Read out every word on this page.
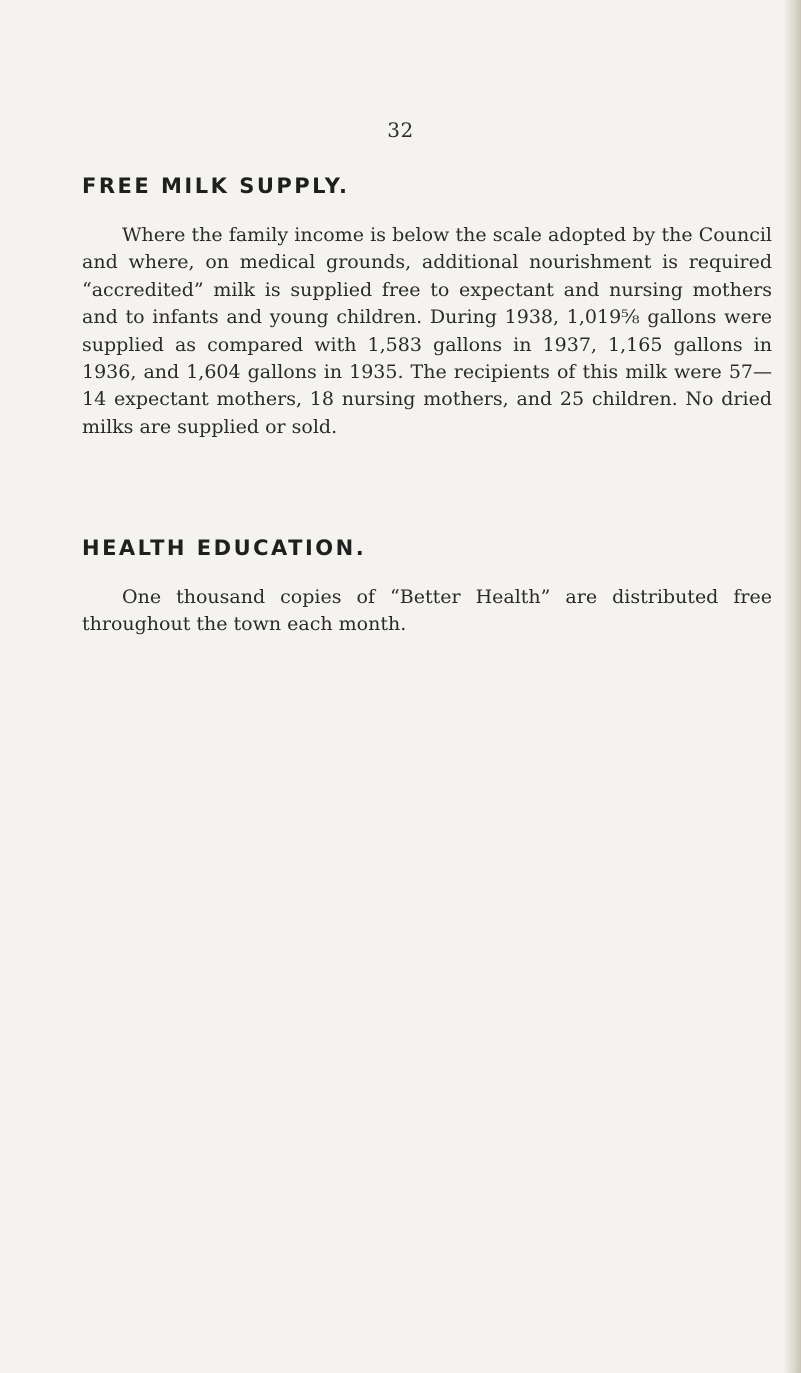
32
FREE MILK SUPPLY.

Where the family income is below the scale adopted by the Council and where, on medical grounds, additional nourishment is required “accredited” milk is supplied free to expectant and nursing mothers and to infants and young children. During 1938, 1,019⅝ gallons were supplied as compared with 1,583 gallons in 1937, 1,165 gallons in 1936, and 1,604 gallons in 1935. The recipients of this milk were 57—14 expectant mothers, 18 nursing mothers, and 25 children. No dried milks are supplied or sold.

HEALTH EDUCATION.

One thousand copies of “Better Health” are distributed free throughout the town each month.
